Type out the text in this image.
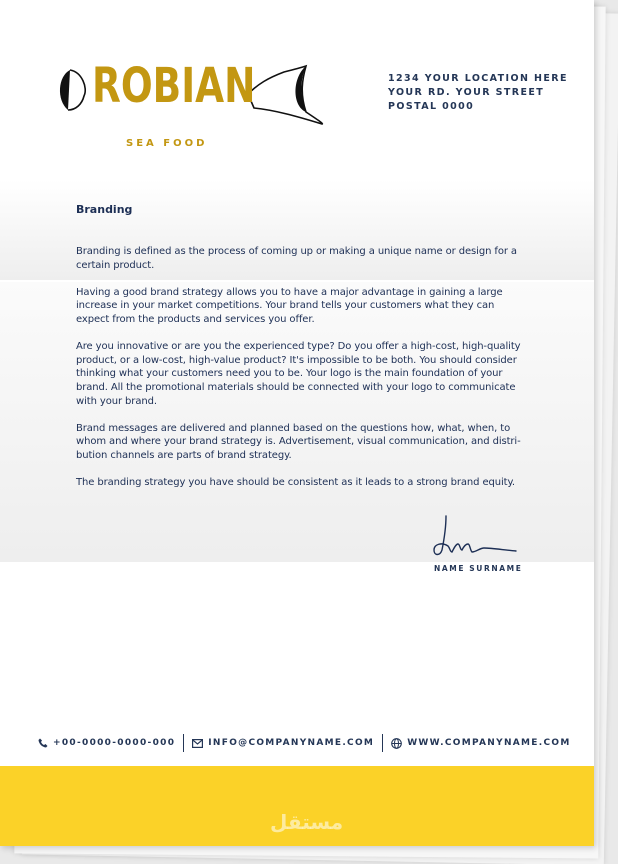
ROBIAN
SEA FOOD
1234 YOUR LOCATION HERE
YOUR RD. YOUR STREET
POSTAL 0000
Branding

Branding is defined as the process of coming up or making a unique name or design for a certain product.

Having a good brand strategy allows you to have a major advantage in gaining a large increase in your market competitions. Your brand tells your customers what they can expect from the products and services you offer.

Are you innovative or are you the experienced type? Do you offer a high-cost, high-quality product, or a low-cost, high-value product? It's impossible to be both. You should consider thinking what your customers need you to be. Your logo is the main foundation of your brand. All the promotional materials should be connected with your logo to communicate with your brand.

Brand messages are delivered and planned based on the questions how, what, when, to whom and where your brand strategy is. Advertisement, visual communication, and distri-bution channels are parts of brand strategy.

The branding strategy you have should be consistent as it leads to a strong brand equity.

NAME SURNAME
+00-0000-0000-000	INFO@COMPANYNAME.COM	WWW.COMPANYNAME.COM
مستقل
